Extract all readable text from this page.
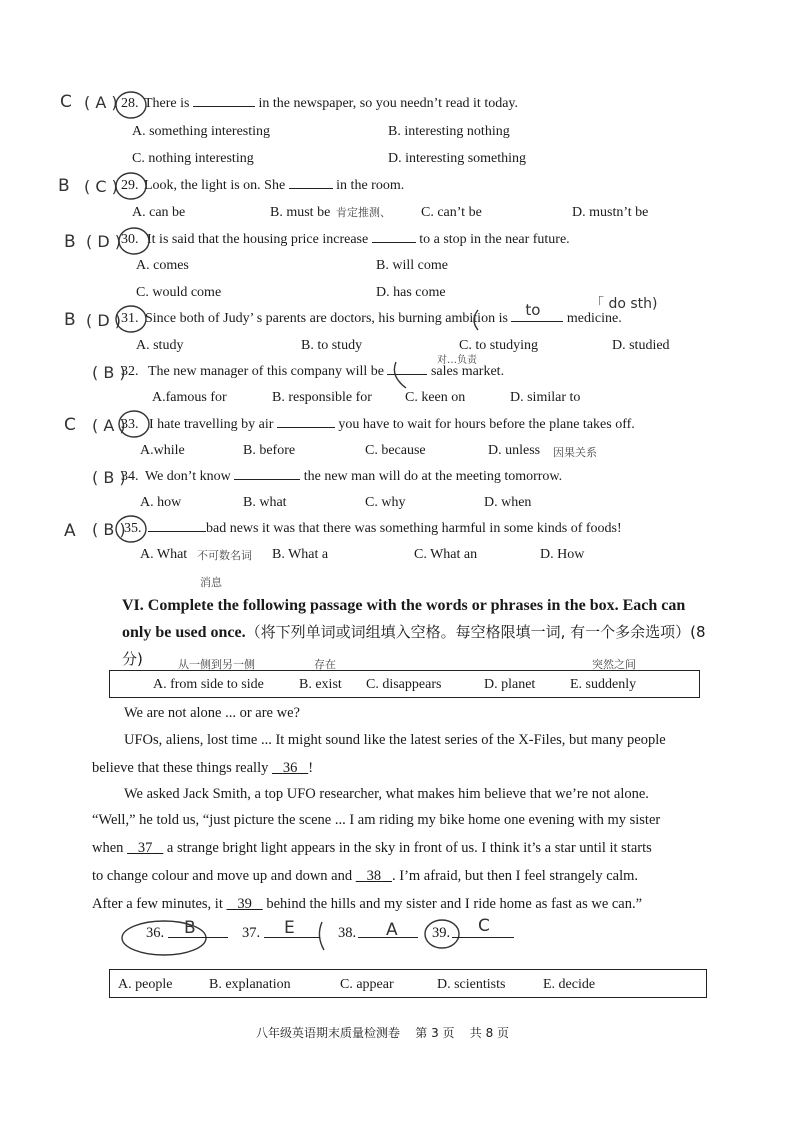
C ( A ) 28. There is	in the newspaper, so you needn’t read it today.
A. something interesting	B. interesting nothing
C. nothing interesting	D. interesting something
B ( C ) 29. Look, the light is on. She	in the room.
A. can be	B. must be 肯定推测、 C. can’t be	D. mustn’t be
B ( D ) 30. It is said that the housing price increase	to a stop in the near future.
A. comes	B. will come
C. would come	D. has come
B ( D ) 31. Since both of Judy’ s parents are doctors, his burning ambition is to medicine.
「 do sth)
A. study	B. to study	C. to studying	D. studied
( B )
32. The new manager of this company will be	sales market.
对…负责
A.famous for	B. responsible for C. keen on	D. similar to
C ( A )
33. I hate travelling by air	you have to wait for hours before the plane takes off.
A.while	B. before	C. because	D. unless 因果关系
( B )
34. We don’t know	the new man will do at the meeting tomorrow.
A. how	B. what	C. why	D. when
A ( B )
35.	bad news it was that there was something harmful in some kinds of foods!
A. What 不可数名词 B. What a	C. What an	D. How
消息
VI. Complete the following passage with the words or phrases in the box. Each can only be used once.（将下列单词或词组填入空格。每空格限填一词, 有一个多余选项）(8 分)	从一侧到另一侧	存在	突然之间
A. from side to side	B. exist C. disappears	D. planet E. suddenly
We are not alone ... or are we?
UFOs, aliens, lost time ... It might sound like the latest series of the X-Files, but many people
believe that these things really 36 !
We asked Jack Smith, a top UFO researcher, what makes him believe that we’re not alone.
“Well,” he told us, “just picture the scene ... I am riding my bike home one evening with my sister
when 37 a strange bright light appears in the sky in front of us. I think it’s a star until it starts
to change colour and move up and down and 38 . I’m afraid, but then I feel strangely calm.
After a few minutes, it 39 behind the hills and my sister and I ride home as fast as we can.”
36. B	37. E	38. A 39. C
A. people	B. explanation	C. appear	D. scientists	E. decide
八年级英语期末质量检测卷    第 3 页    共 8 页
